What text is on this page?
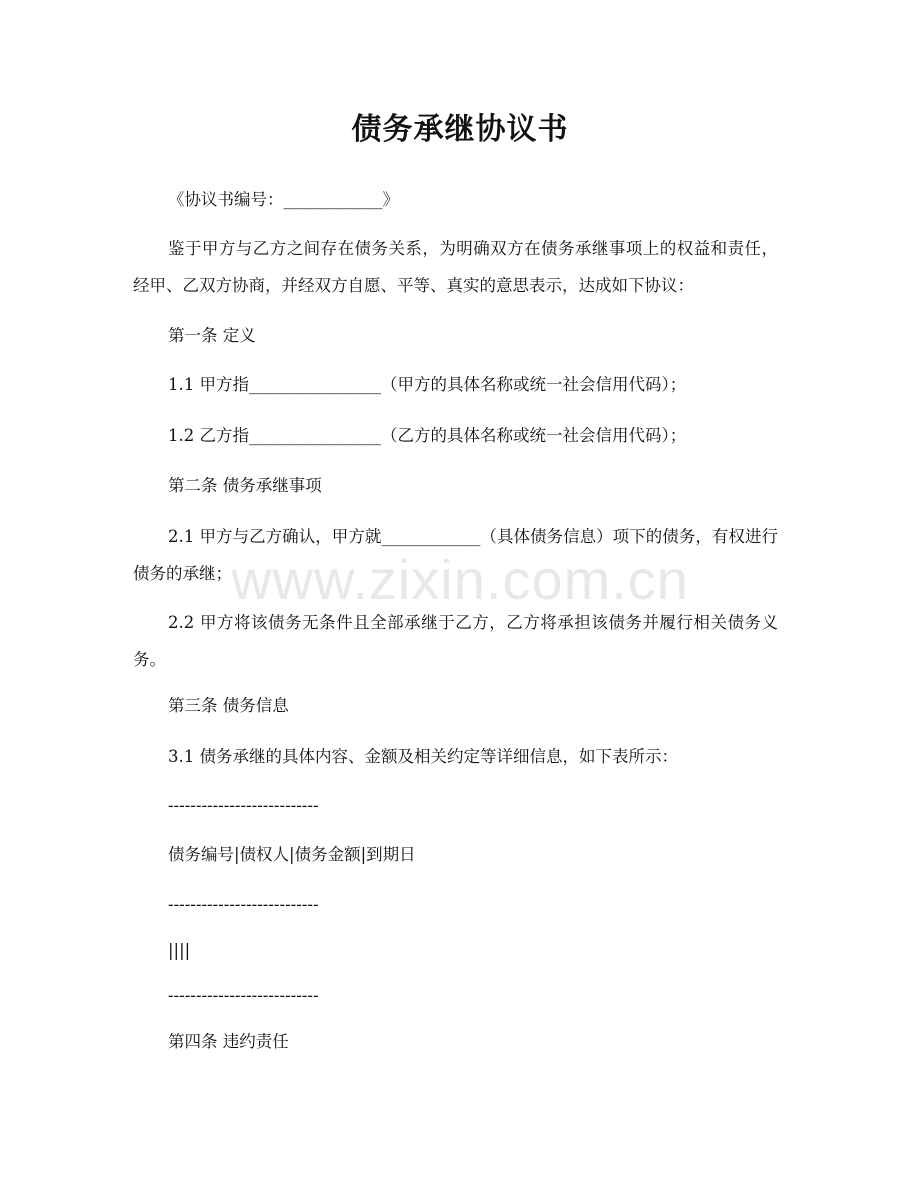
债务承继协议书
《协议书编号：____________》
鉴于甲方与乙方之间存在债务关系，为明确双方在债务承继事项上的权益和责任，经甲、乙双方协商，并经双方自愿、平等、真实的意思表示，达成如下协议：
第一条 定义
1.1 甲方指________________（甲方的具体名称或统一社会信用代码）；
1.2 乙方指________________（乙方的具体名称或统一社会信用代码）；
第二条 债务承继事项
2.1 甲方与乙方确认，甲方就____________（具体债务信息）项下的债务，有权进行债务的承继；
2.2 甲方将该债务无条件且全部承继于乙方，乙方将承担该债务并履行相关债务义务。
第三条 债务信息
3.1 债务承继的具体内容、金额及相关约定等详细信息，如下表所示：
---------------------------
债务编号|债权人|债务金额|到期日
---------------------------
||||
---------------------------
第四条 违约责任
www.zixin.com.cn
